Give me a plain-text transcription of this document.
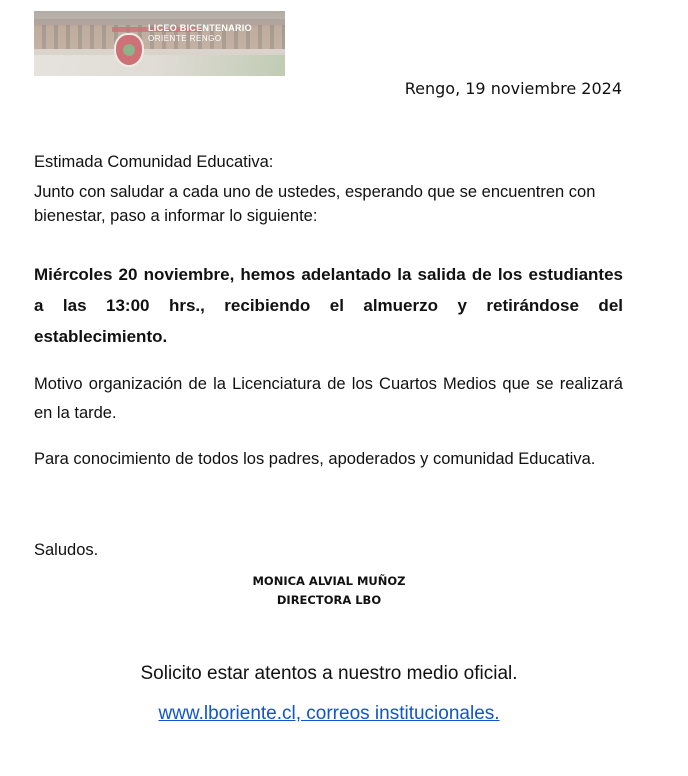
LICEO BICENTENARIO
ORIENTE RENGO
Rengo, 19 noviembre 2024

Estimada Comunidad Educativa:

Junto con saludar a cada uno de ustedes, esperando que se encuentren con bienestar, paso a informar lo siguiente:

Miércoles 20 noviembre, hemos adelantado la salida de los estudiantes a las 13:00 hrs., recibiendo el almuerzo y retirándose del establecimiento.

Motivo organización de la Licenciatura de los Cuartos Medios que se realizará en la tarde.

Para conocimiento de todos los padres, apoderados y comunidad Educativa.

Saludos.

MONICA ALVIAL MUÑOZ
DIRECTORA LBO
Solicito estar atentos a nuestro medio oficial.
www.lboriente.cl, correos institucionales.
